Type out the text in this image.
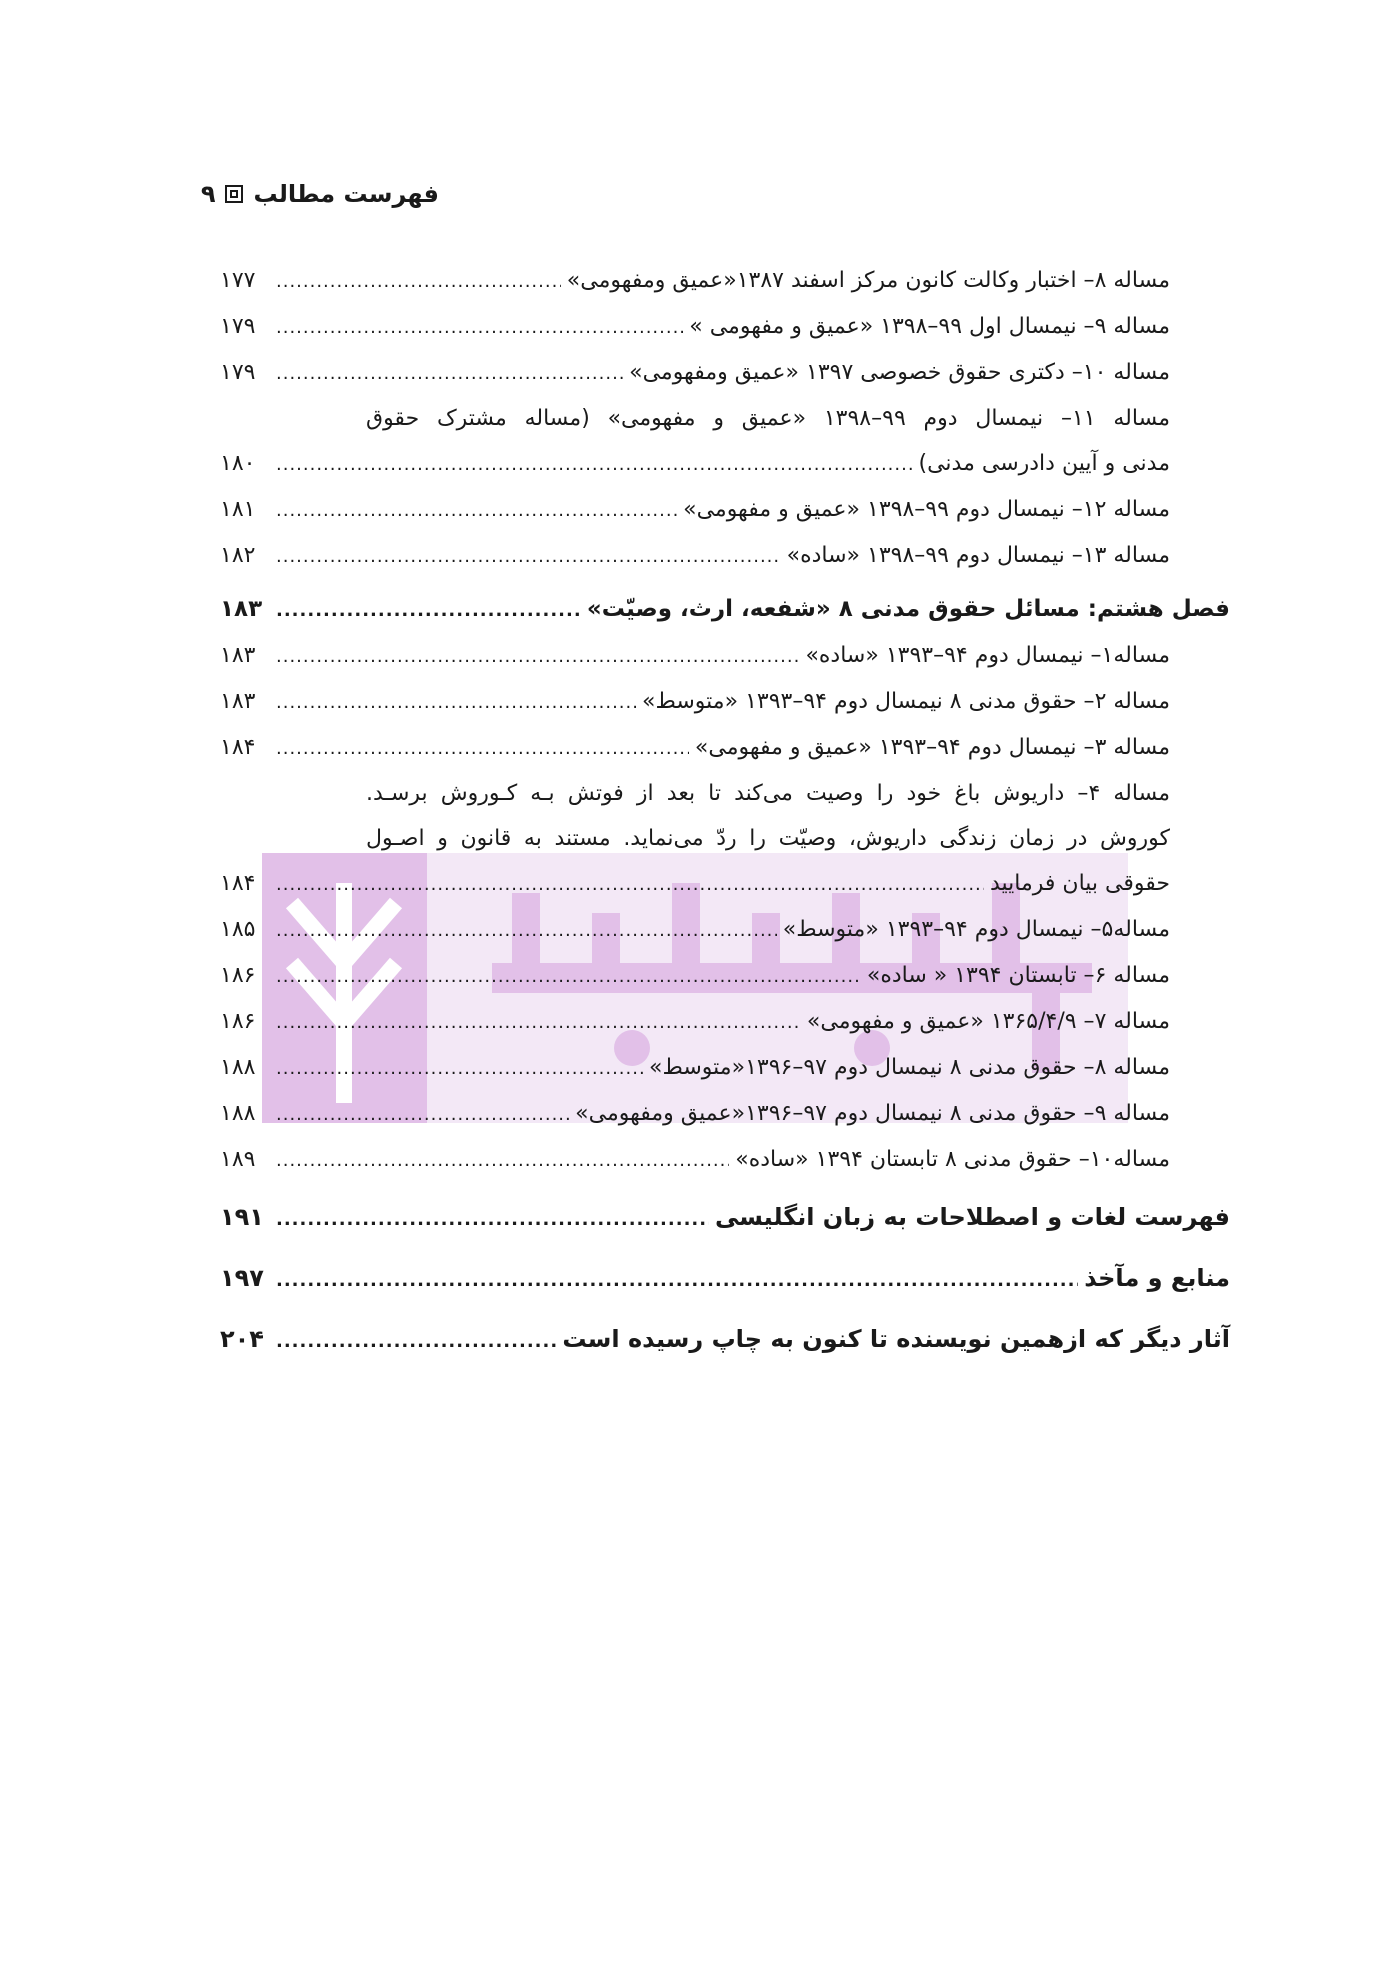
فهرست مطالب
۹
مساله ۸– اختبار وکالت کانون مرکز اسفند ۱۳۸۷«عمیق ومفهومی»
.....
۱۷۷
مساله ۹– نیمسال اول ۹۹–۱۳۹۸ «عمیق و مفهومی »
.....
۱۷۹
مساله ۱۰– دکتری حقوق خصوصی ۱۳۹۷ «عمیق ومفهومی»
.....
۱۷۹
مساله ۱۱– نیمسال دوم ۹۹–۱۳۹۸ «عمیق و مفهومی» (مساله مشترک حقوق
مدنی و آیین دادرسی مدنی)
.....
۱۸۰
مساله ۱۲– نیمسال دوم ۹۹–۱۳۹۸ «عمیق و مفهومی»
.....
۱۸۱
مساله ۱۳– نیمسال دوم ۹۹–۱۳۹۸ «ساده»
.....
۱۸۲
فصل هشتم: مسائل حقوق مدنی ۸ «شفعه، ارث، وصیّت»
.....
۱۸۳
مساله۱– نیمسال دوم ۹۴–۱۳۹۳ «ساده»
.....
۱۸۳
مساله ۲– حقوق مدنی ۸ نیمسال دوم ۹۴–۱۳۹۳ «متوسط»
.....
۱۸۳
مساله ۳– نیمسال دوم ۹۴–۱۳۹۳ «عمیق و مفهومی»
.....
۱۸۴
مساله ۴– داریوش باغ خود را وصیت می‌کند تا بعد از فوتش بـه کـوروش برسـد.
کوروش در زمان زندگی داریوش، وصیّت را ردّ می‌نماید. مستند به قانون و اصـول
حقوقی بیان فرمایید
.....
۱۸۴
مساله۵– نیمسال دوم ۹۴–۱۳۹۳ «متوسط»
.....
۱۸۵
مساله ۶– تابستان ۱۳۹۴ « ساده»
.....
۱۸۶
مساله ۷– ۱۳۶۵/۴/۹ «عمیق و مفهومی»
.....
۱۸۶
مساله ۸– حقوق مدنی ۸ نیمسال دوم ۹۷–۱۳۹۶«متوسط»
.....
۱۸۸
مساله ۹– حقوق مدنی ۸ نیمسال دوم ۹۷–۱۳۹۶«عمیق ومفهومی»
.....
۱۸۸
مساله۱۰– حقوق مدنی ۸ تابستان ۱۳۹۴ «ساده»
.....
۱۸۹
فهرست لغات و اصطلاحات به زبان انگلیسی
.....
۱۹۱
منابع و مآخذ
.....
۱۹۷
آثار دیگر که ازهمین نویسنده تا کنون به چاپ رسیده است
.....
۲۰۴
